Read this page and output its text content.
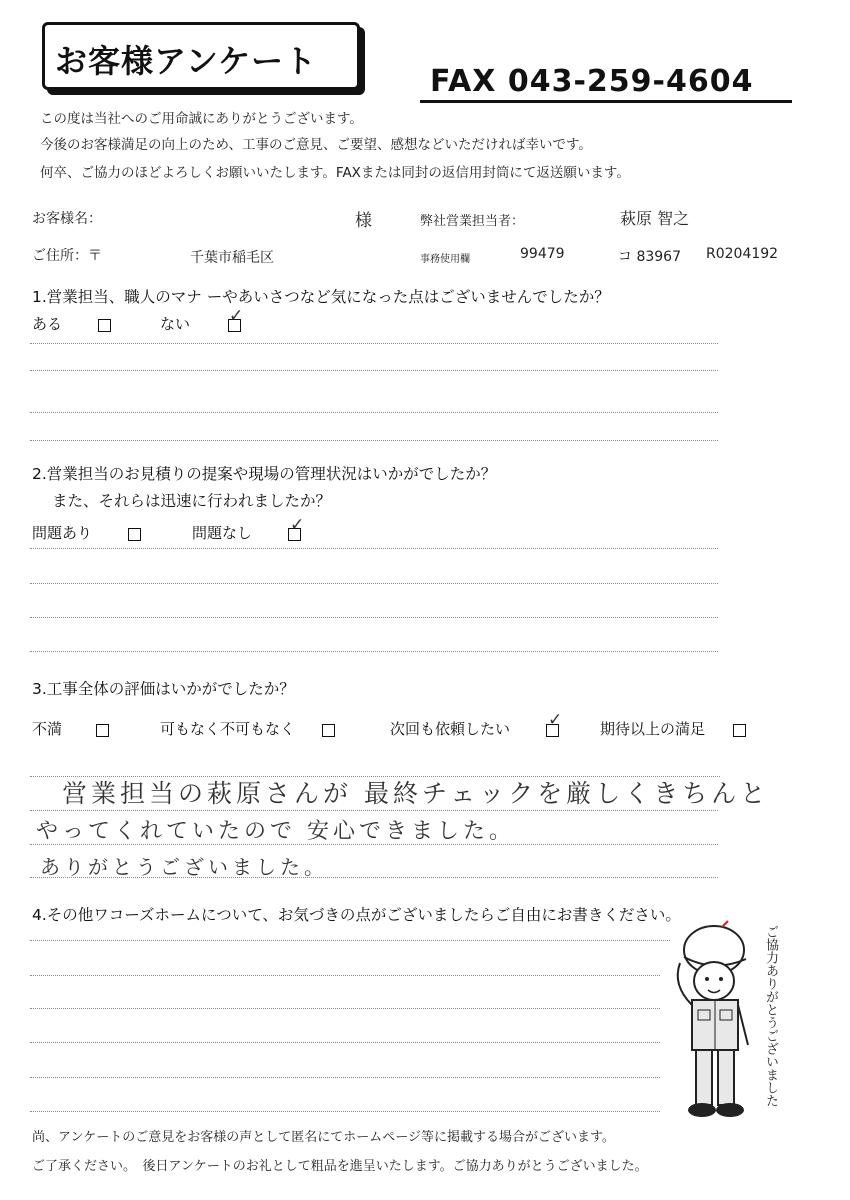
お客様アンケート
FAX 043-259-4604
この度は当社へのご用命誠にありがとうございます。
今後のお客様満足の向上のため、工事のご意見、ご要望、感想などいただければ幸いです。
何卒、ご協力のほどよろしくお願いいたします。FAXまたは同封の返信用封筒にて返送願います。
お客様名：	様	弊社営業担当者：	萩原 智之
ご住所：〒	千葉市稲毛区	事務使用欄	99479	コ 83967 R0204192
1.営業担当、職人のマナ ーやあいさつなど気になった点はございませんでしたか？
ある	ない ✓
2.営業担当のお見積りの提案や現場の管理状況はいかがでしたか？
また、それらは迅速に行われましたか？
問題あり	問題なし ✓
3.工事全体の評価はいかがでしたか？
不満	可もなく不可もなく	次回も依頼したい ✓	期待以上の満足
営業担当の萩原さんが 最終チェックを厳しくきちんと
やってくれていたので 安心できました。
ありがとうございました。
4.その他ワコーズホームについて、お気づきの点がございましたらご自由にお書きください。
ご協力ありがとうございました
尚、アンケートのご意見をお客様の声として匿名にてホームページ等に掲載する場合がございます。
ご了承ください。　後日アンケートのお礼として粗品を進呈いたします。ご協力ありがとうございました。
